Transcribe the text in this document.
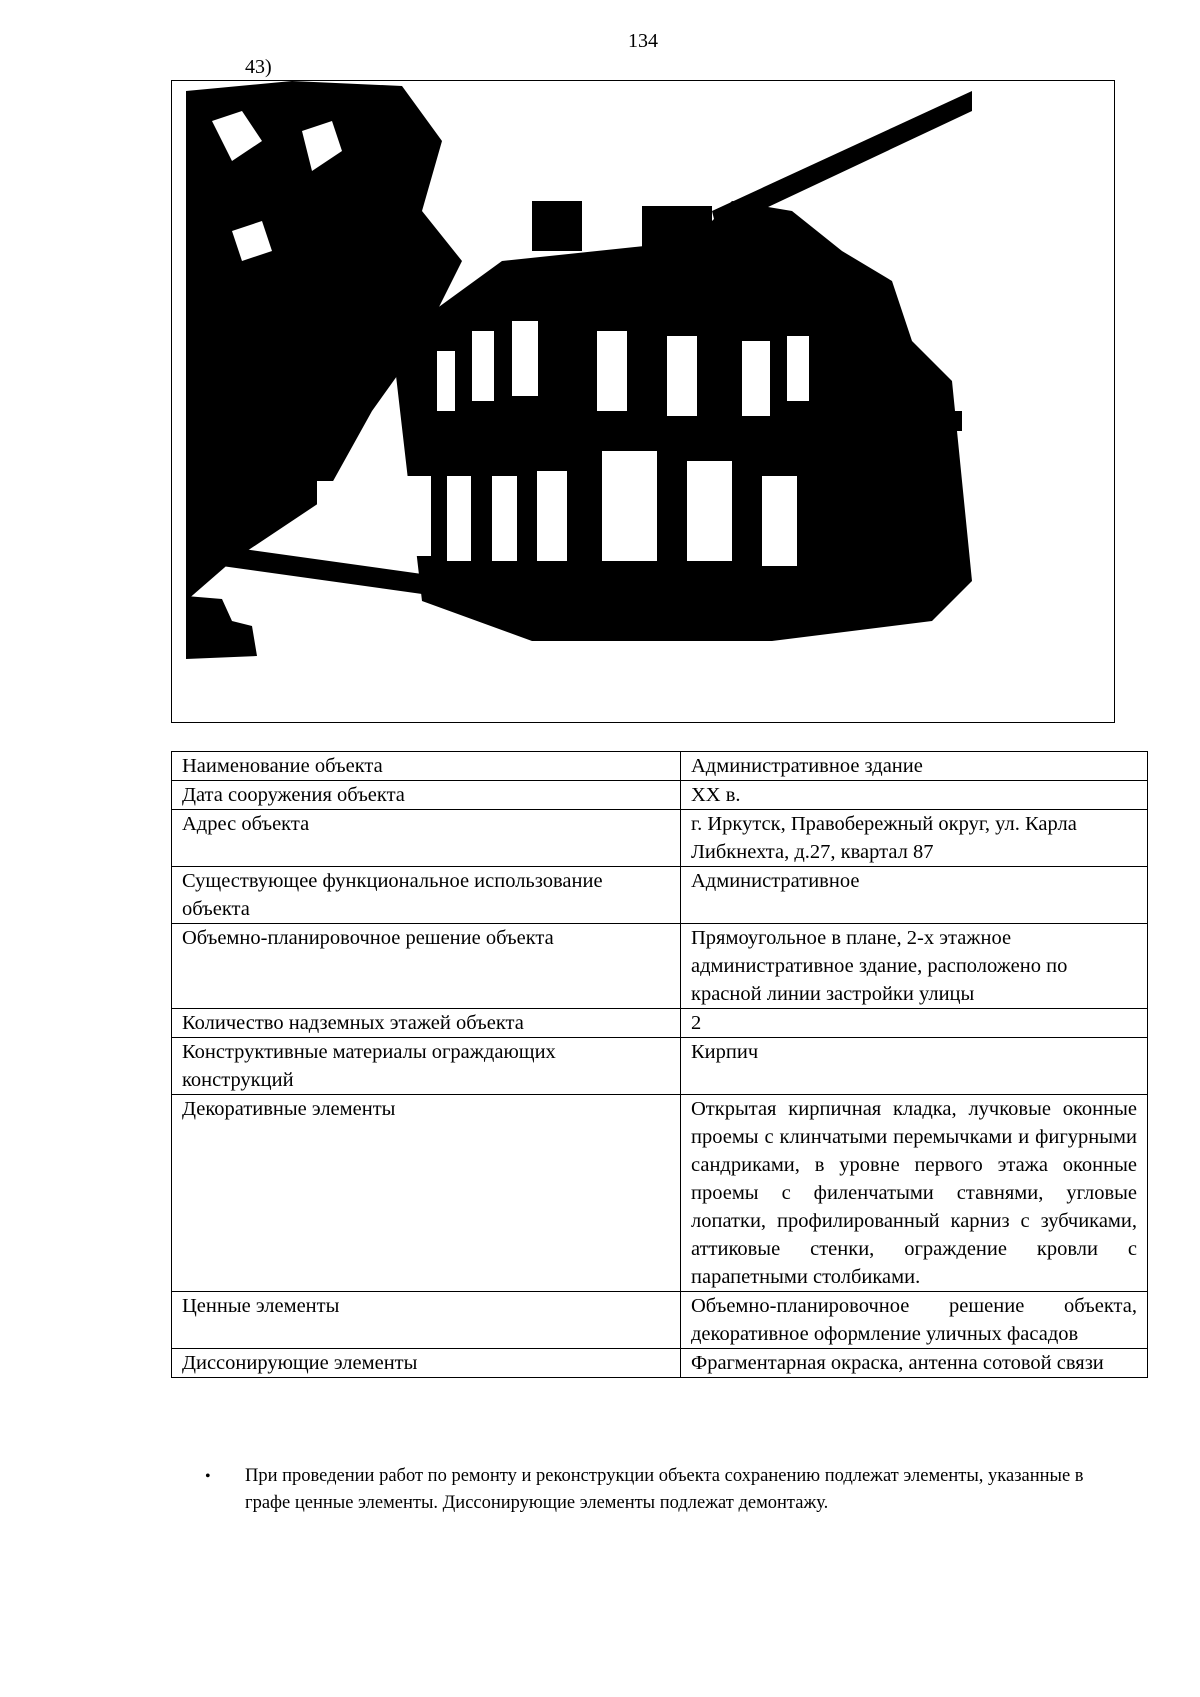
134
43)
Наименование объекта	Административное здание
Дата сооружения объекта	XX в.
Адрес объекта	г. Иркутск, Правобережный округ, ул. Карла Либкнехта, д.27, квартал 87
Существующее функциональное использование объекта	Административное
Объемно-планировочное решение объекта	Прямоугольное в плане, 2-х этажное административное здание, расположено по красной линии застройки улицы
Количество надземных этажей объекта	2
Конструктивные материалы ограждающих конструкций	Кирпич
Декоративные элементы	Открытая кирпичная кладка, лучковые оконные проемы с клинчатыми перемычками и фигурными сандриками, в уровне первого этажа оконные проемы с филенчатыми ставнями, угловые лопатки, профилированный карниз с зубчиками, аттиковые стенки, ограждение кровли с парапетными столбиками.
Ценные элементы	Объемно-планировочное решение объекта, декоративное оформление уличных фасадов
Диссонирующие элементы	Фрагментарная окраска, антенна сотовой связи
• При проведении работ по ремонту и реконструкции объекта сохранению подлежат элементы, указанные в графе ценные элементы. Диссонирующие элементы подлежат демонтажу.
